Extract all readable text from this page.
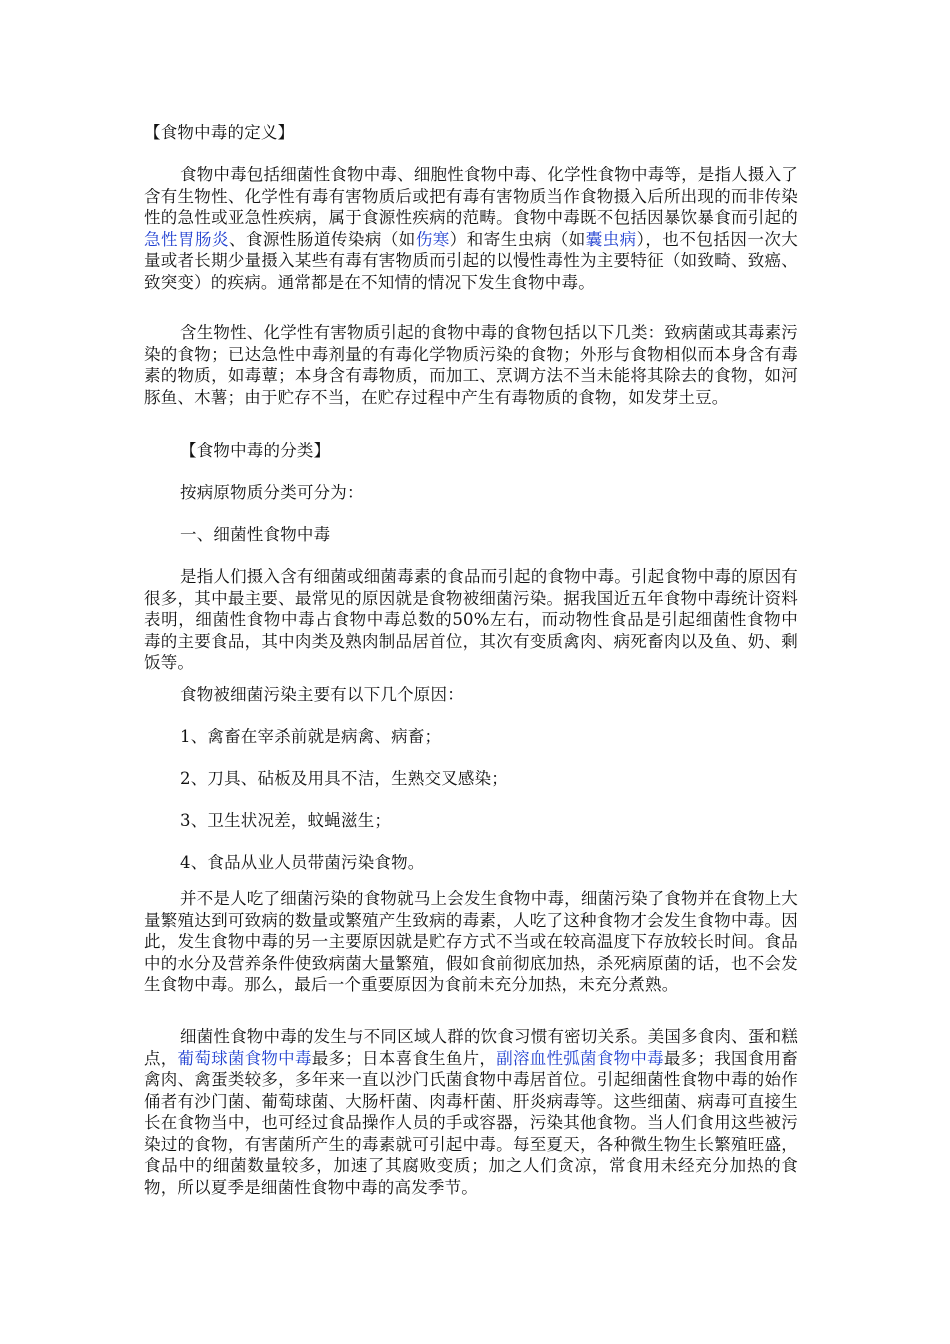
【食物中毒的定义】
食物中毒包括细菌性食物中毒、细胞性食物中毒、化学性食物中毒等，是指人摄入了含有生物性、化学性有毒有害物质后或把有毒有害物质当作食物摄入后所出现的而非传染性的急性或亚急性疾病，属于食源性疾病的范畴。食物中毒既不包括因暴饮暴食而引起的急性胃肠炎、食源性肠道传染病（如伤寒）和寄生虫病（如囊虫病），也不包括因一次大量或者长期少量摄入某些有毒有害物质而引起的以慢性毒性为主要特征（如致畸、致癌、致突变）的疾病。通常都是在不知情的情况下发生食物中毒。
含生物性、化学性有害物质引起的食物中毒的食物包括以下几类：致病菌或其毒素污染的食物；已达急性中毒剂量的有毒化学物质污染的食物；外形与食物相似而本身含有毒素的物质，如毒蕈；本身含有毒物质，而加工、烹调方法不当未能将其除去的食物，如河豚鱼、木薯；由于贮存不当，在贮存过程中产生有毒物质的食物，如发芽土豆。
【食物中毒的分类】
按病原物质分类可分为：
一、细菌性食物中毒
是指人们摄入含有细菌或细菌毒素的食品而引起的食物中毒。引起食物中毒的原因有很多，其中最主要、最常见的原因就是食物被细菌污染。据我国近五年食物中毒统计资料表明，细菌性食物中毒占食物中毒总数的50%左右，而动物性食品是引起细菌性食物中毒的主要食品，其中肉类及熟肉制品居首位，其次有变质禽肉、病死畜肉以及鱼、奶、剩饭等。
食物被细菌污染主要有以下几个原因：
1、禽畜在宰杀前就是病禽、病畜；
2、刀具、砧板及用具不洁，生熟交叉感染；
3、卫生状况差，蚊蝇滋生；
4、食品从业人员带菌污染食物。
并不是人吃了细菌污染的食物就马上会发生食物中毒，细菌污染了食物并在食物上大量繁殖达到可致病的数量或繁殖产生致病的毒素，人吃了这种食物才会发生食物中毒。因此，发生食物中毒的另一主要原因就是贮存方式不当或在较高温度下存放较长时间。食品中的水分及营养条件使致病菌大量繁殖，假如食前彻底加热，杀死病原菌的话，也不会发生食物中毒。那么，最后一个重要原因为食前未充分加热，未充分煮熟。
细菌性食物中毒的发生与不同区域人群的饮食习惯有密切关系。美国多食肉、蛋和糕点，葡萄球菌食物中毒最多；日本喜食生鱼片，副溶血性弧菌食物中毒最多；我国食用畜禽肉、禽蛋类较多，多年来一直以沙门氏菌食物中毒居首位。引起细菌性食物中毒的始作俑者有沙门菌、葡萄球菌、大肠杆菌、肉毒杆菌、肝炎病毒等。这些细菌、病毒可直接生长在食物当中，也可经过食品操作人员的手或容器，污染其他食物。当人们食用这些被污染过的食物，有害菌所产生的毒素就可引起中毒。每至夏天，各种微生物生长繁殖旺盛，食品中的细菌数量较多，加速了其腐败变质；加之人们贪凉，常食用未经充分加热的食物，所以夏季是细菌性食物中毒的高发季节。
